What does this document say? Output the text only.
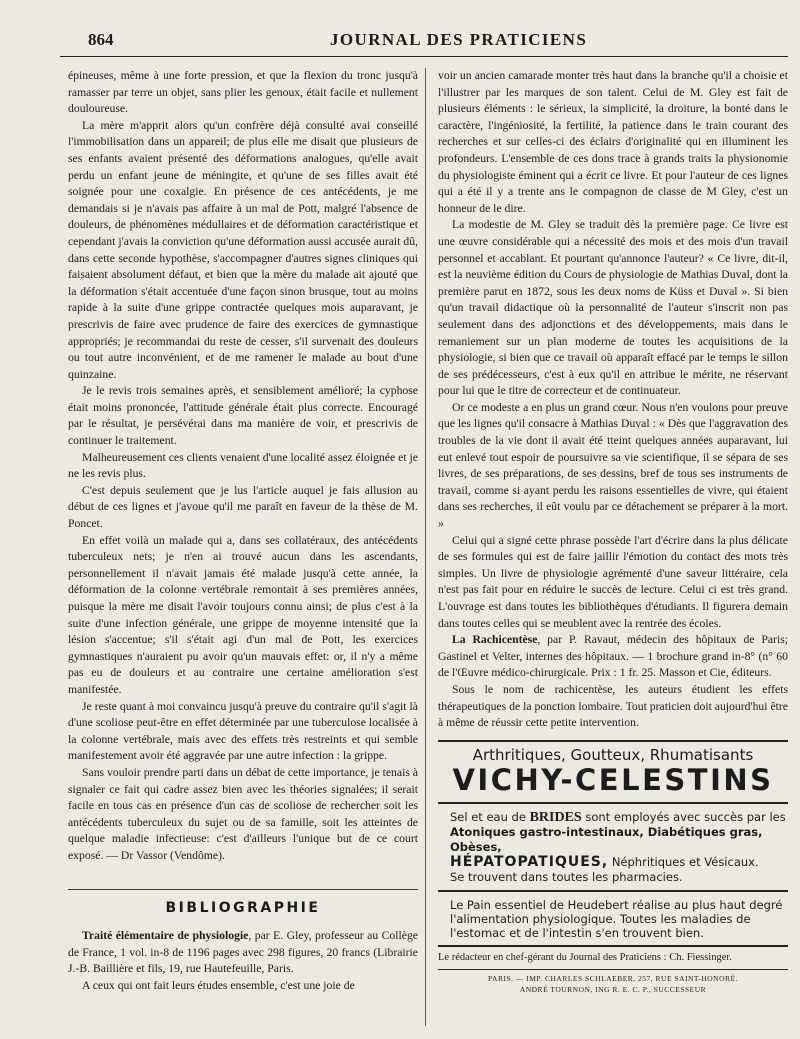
864	JOURNAL DES PRATICIENS

épineuses, même à une forte pression, et que la flexion du tronc jusqu'à ramasser par terre un objet, sans plier les genoux, était facile et nullement douloureuse.

La mère m'apprit alors qu'un confrère déjà consulté avai conseillé l'immobilisation dans un appareil; de plus elle me disait que plusieurs de ses enfants avaient présenté des déformations analogues, qu'elle avait perdu un enfant jeune de méningite, et qu'une de ses filles avait été soignée pour une coxalgie. En présence de ces antécédents, je me demandais si je n'avais pas affaire à un mal de Pott, malgré l'absence de douleurs, de phénomènes médullaires et de déformation caractéristique et cependant j'avais la conviction qu'une déformation aussi accusée aurait dû, dans cette seconde hypothèse, s'accompagner d'autres signes cliniques qui faisaient absolument défaut, et bien que la mère du malade ait ajouté que la déformation s'était accentuée d'une façon sinon brusque, tout au moins rapide à la suite d'une grippe contractée quelques mois auparavant, je prescrivis de faire avec prudence de faire des exercices de gymnastique appropriés; je recommandai du reste de cesser, s'il survenait des douleurs ou tout autre inconvénient, et de me ramener le malade au bout d'une quinzaine.

Je le revis trois semaines après, et sensiblement amélioré; la cyphose était moins prononcée, l'attitude générale était plus correcte. Encouragé par le résultat, je persévérai dans ma manière de voir, et prescrivis de continuer le traitement.

Malheureusement ces clients venaient d'une localité assez éloignée et je ne les revis plus.

C'est depuis seulement que je lus l'article auquel je fais allusion au début de ces lignes et j'avoue qu'il me paraît en faveur de la thèse de M. Poncet.

En effet voilà un malade qui a, dans ses collatéraux, des antécédents tuberculeux nets; je n'en ai trouvé aucun dans les ascendants, personnellement il n'avait jamais été malade jusqu'à cette année, la déformation de la colonne vertébrale remontait à ses premières années, puisque la mère me disait l'avoir toujours connu ainsi; de plus c'est à la suite d'une infection générale, une grippe de moyenne intensité que la lésion s'accentue; s'il s'était agi d'un mal de Pott, les exercices gymnastiques n'auraient pu avoir qu'un mauvais effet: or, il n'y a même pas eu de douleurs et au contraire une certaine amélioration s'est manifestée.

Je reste quant à moi convaincu jusqu'à preuve du contraire qu'il s'agit là d'une scoliose peut-être en effet déterminée par une tuberculose localisée à la colonne vertébrale, mais avec des effets très restreints et qui semble manifestement avoir été aggravée par une autre infection : la grippe.

Sans vouloir prendre parti dans un débat de cette importance, je tenais à signaler ce fait qui cadre assez bien avec les théories signalées; il serait facile en tous cas en présence d'un cas de scoliose de rechercher soit les antécédents tuberculeux du sujet ou de sa famille, soit les atteintes de quelque maladie infectieuse: c'est d'ailleurs l'unique but de ce court exposé. — Dr Vassor (Vendôme).

BIBLIOGRAPHIE

Traité élémentaire de physiologie, par E. Gley, professeur au Collège de France, 1 vol. in-8 de 1196 pages avec 298 figures, 20 francs (Librairie J.-B. Baillière et fils, 19, rue Hautefeuille, Paris.

A ceux qui ont fait leurs études ensemble, c'est une joie de

voir un ancien camarade monter très haut dans la branche qu'il a choisie et l'illustrer par les marques de son talent. Celui de M. Gley est fait de plusieurs éléments : le sérieux, la simplicité, la droiture, la bonté dans le caractère, l'ingéniosité, la fertilité, la patience dans le train courant des recherches et sur celles-ci des éclairs d'originalité qui en illuminent les profondeurs. L'ensemble de ces dons trace à grands traits la physionomie du physiologiste éminent qui a écrit ce livre. Et pour l'auteur de ces lignes qui a été il y a trente ans le compagnon de classe de M Gley, c'est un honneur de le dire.

La modestie de M. Gley se traduit dès la première page. Ce livre est une œuvre considérable qui a nécessité des mois et des mois d'un travail personnel et accablant. Et pourtant qu'annonce l'auteur? « Ce livre, dit-il, est la neuvième édition du Cours de physiologie de Mathias Duval, dont la première parut en 1872, sous les deux noms de Küss et Duval ». Si bien qu'un travail didactique où la personnalité de l'auteur s'inscrit non pas seulement dans des adjonctions et des développements, mais dans le remaniement sur un plan moderne de toutes les acquisitions de la physiologie, si bien que ce travail où apparaît effacé par le temps le sillon de ses prédécesseurs, c'est à eux qu'il en attribue le mérite, ne réservant pour lui que le titre de correcteur et de continuateur.

Or ce modeste a en plus un grand cœur. Nous n'en voulons pour preuve que les lignes qu'il consacre à Mathias Duval : « Dès que l'aggravation des troubles de la vie dont il avait été tteint quelques années auparavant, lui eut enlevé tout espoir de poursuivre sa vie scientifique, il se sépara de ses livres, de ses préparations, de ses dessins, bref de tous ses instruments de travail, comme si ayant perdu les raisons essentielles de vivre, qui étaient dans ses recherches, il eût voulu par ce détachement se préparer à la mort. »

Celui qui a signé cette phrase possède l'art d'écrire dans la plus délicate de ses formules qui est de faire jaillir l'émotion du contact des mots très simples. Un livre de physiologie agrémenté d'une saveur littéraire, cela n'est pas fait pour en réduire le succès de lecture. Celui ci est très grand. L'ouvrage est dans toutes les bibliothèques d'étudiants. Il figurera demain dans toutes celles qui se meublent avec la rentrée des écoles.

La Rachicentèse, par P. Ravaut, médecin des hôpitaux de Paris; Gastinel et Velter, internes des hôpitaux. — 1 brochure grand in-8° (n° 60 de l'Œuvre médico-chirurgicale. Prix : 1 fr. 25. Masson et Cie, éditeurs.

Sous le nom de rachicentèse, les auteurs étudient les effets thérapeutiques de la ponction lombaire. Tout praticien doit aujourd'hui être à même de réussir cette petite intervention.

Arthritiques, Goutteux, Rhumatisants
VICHY-CELESTINS
Sel et eau de BRIDES sont employés avec succès par les
Atoniques gastro-intestinaux, Diabétiques gras, Obèses,
HÉPATOPATIQUES, Néphritiques et Vésicaux.
Se trouvent dans toutes les pharmacies.
Le Pain essentiel de Heudebert réalise au plus haut degré l'alimentation physiologique. Toutes les maladies de l'estomac et de l'intestin s'en trouvent bien.
Le rédacteur en chef-gérant du Journal des Praticiens : Ch. Fiessinger.
PARIS. — IMP. CHARLES SCHLAEBER, 257, RUE SAINT-HONORÉ.
ANDRÉ TOURNON, ING R. E. C. P., SUCCESSEUR
